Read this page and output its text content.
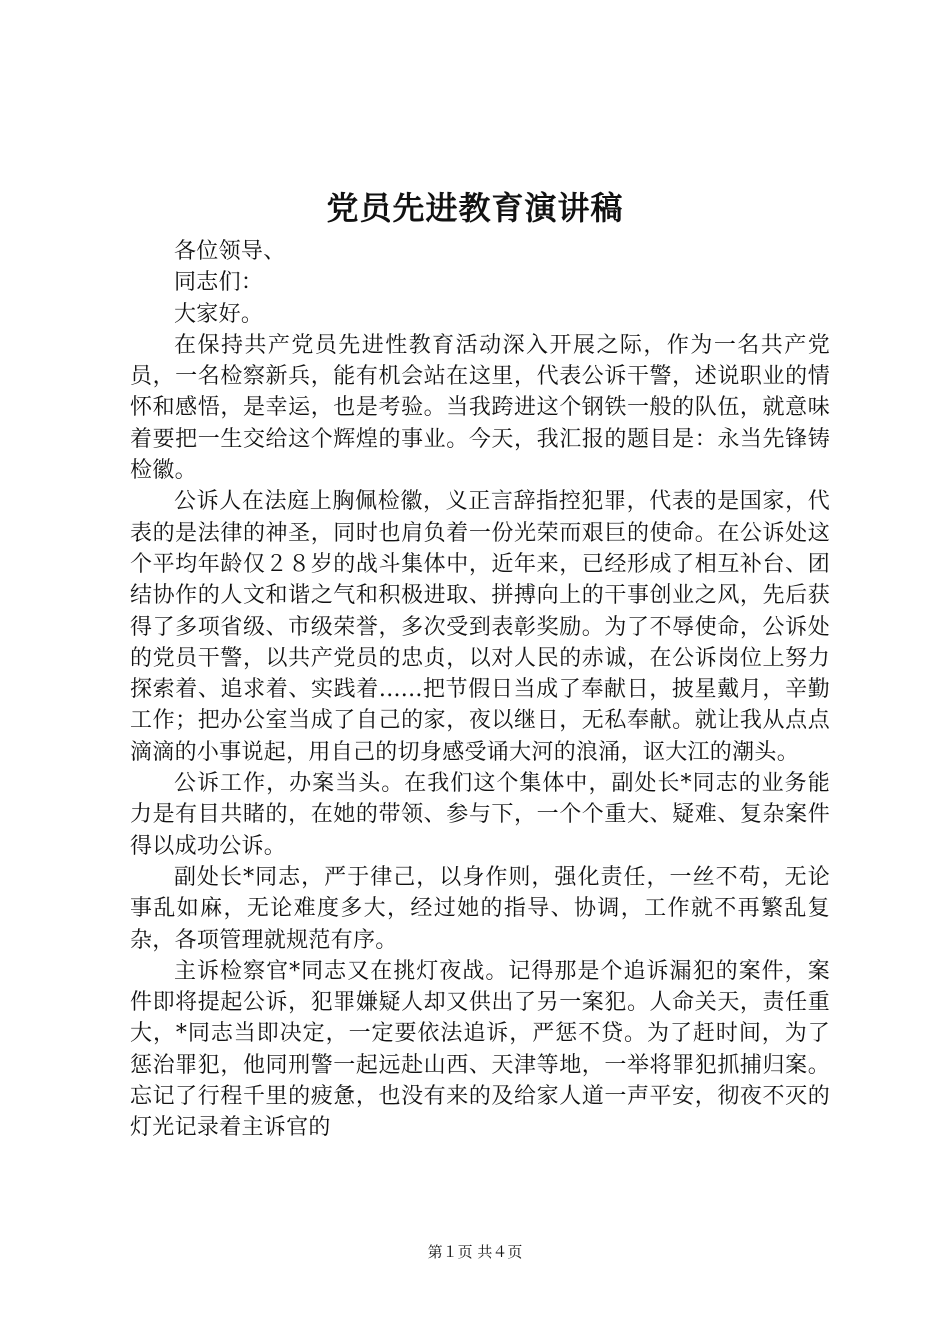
党员先进教育演讲稿

各位领导、

同志们：

大家好。

在保持共产党员先进性教育活动深入开展之际，作为一名共产党员，一名检察新兵，能有机会站在这里，代表公诉干警，述说职业的情怀和感悟，是幸运，也是考验。当我跨进这个钢铁一般的队伍，就意味着要把一生交给这个辉煌的事业。今天，我汇报的题目是：永当先锋铸检徽。

公诉人在法庭上胸佩检徽，义正言辞指控犯罪，代表的是国家，代表的是法律的神圣，同时也肩负着一份光荣而艰巨的使命。在公诉处这个平均年龄仅２８岁的战斗集体中，近年来，已经形成了相互补台、团结协作的人文和谐之气和积极进取、拼搏向上的干事创业之风，先后获得了多项省级、市级荣誉，多次受到表彰奖励。为了不辱使命，公诉处的党员干警，以共产党员的忠贞，以对人民的赤诚，在公诉岗位上努力探索着、追求着、实践着......把节假日当成了奉献日，披星戴月，辛勤工作；把办公室当成了自己的家，夜以继日，无私奉献。就让我从点点滴滴的小事说起，用自己的切身感受诵大河的浪涌，讴大江的潮头。

公诉工作，办案当头。在我们这个集体中，副处长*同志的业务能力是有目共睹的，在她的带领、参与下，一个个重大、疑难、复杂案件得以成功公诉。

副处长*同志，严于律己，以身作则，强化责任，一丝不苟，无论事乱如麻，无论难度多大，经过她的指导、协调，工作就不再繁乱复杂，各项管理就规范有序。

主诉检察官*同志又在挑灯夜战。记得那是个追诉漏犯的案件，案件即将提起公诉，犯罪嫌疑人却又供出了另一案犯。人命关天，责任重大，*同志当即决定，一定要依法追诉，严惩不贷。为了赶时间，为了惩治罪犯，他同刑警一起远赴山西、天津等地，一举将罪犯抓捕归案。忘记了行程千里的疲惫，也没有来的及给家人道一声平安，彻夜不灭的灯光记录着主诉官的

第１页 共４页
